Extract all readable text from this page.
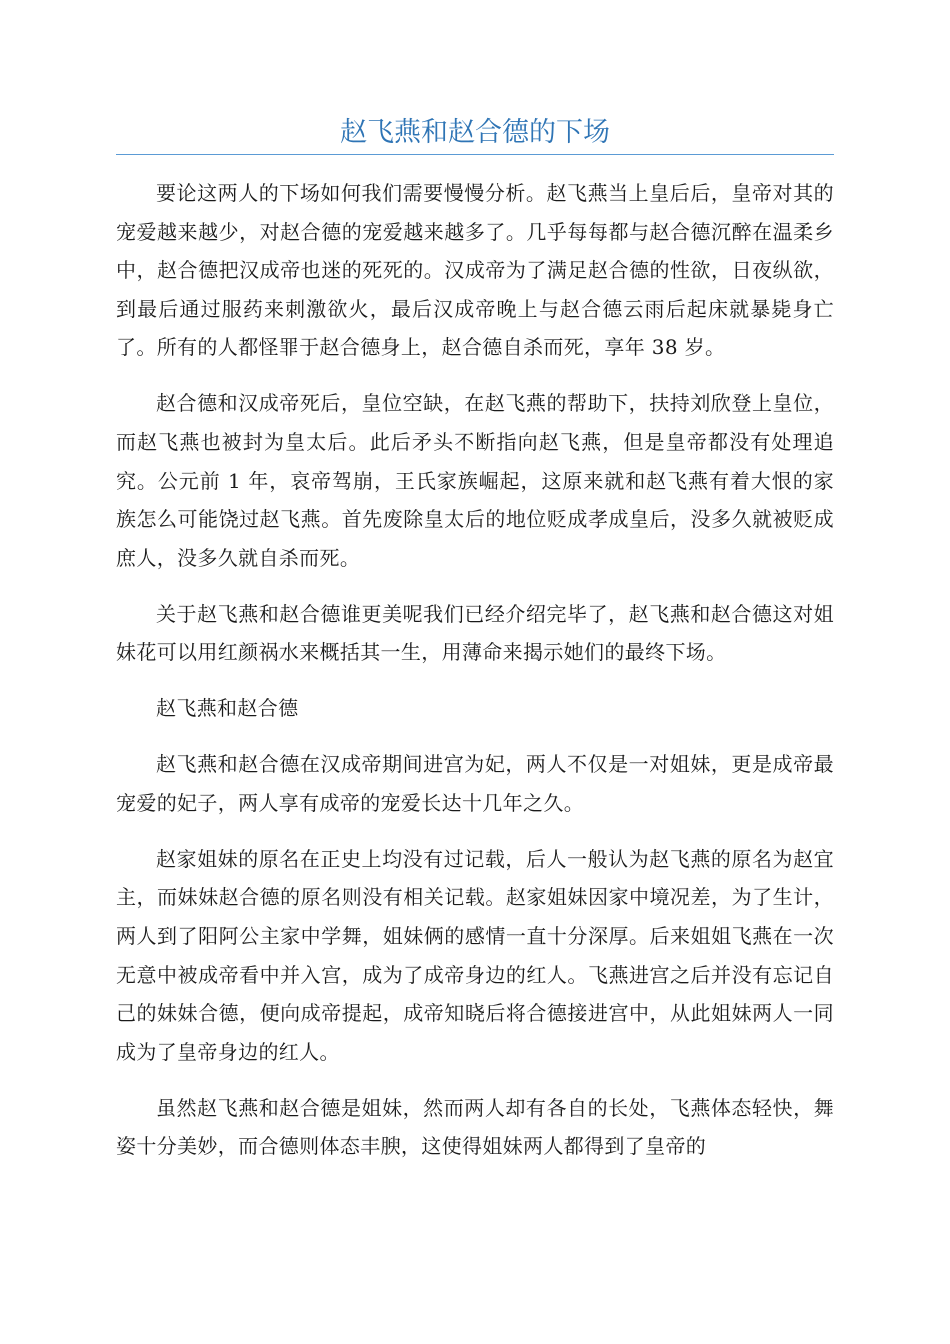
赵飞燕和赵合德的下场

要论这两人的下场如何我们需要慢慢分析。赵飞燕当上皇后后，皇帝对其的宠爱越来越少，对赵合德的宠爱越来越多了。几乎每每都与赵合德沉醉在温柔乡中，赵合德把汉成帝也迷的死死的。汉成帝为了满足赵合德的性欲，日夜纵欲，到最后通过服药来刺激欲火，最后汉成帝晚上与赵合德云雨后起床就暴毙身亡了。所有的人都怪罪于赵合德身上，赵合德自杀而死，享年 38 岁。

赵合德和汉成帝死后，皇位空缺，在赵飞燕的帮助下，扶持刘欣登上皇位，而赵飞燕也被封为皇太后。此后矛头不断指向赵飞燕，但是皇帝都没有处理追究。公元前 1 年，哀帝驾崩，王氏家族崛起，这原来就和赵飞燕有着大恨的家族怎么可能饶过赵飞燕。首先废除皇太后的地位贬成孝成皇后，没多久就被贬成庶人，没多久就自杀而死。

关于赵飞燕和赵合德谁更美呢我们已经介绍完毕了，赵飞燕和赵合德这对姐妹花可以用红颜祸水来概括其一生，用薄命来揭示她们的最终下场。

赵飞燕和赵合德

赵飞燕和赵合德在汉成帝期间进宫为妃，两人不仅是一对姐妹，更是成帝最宠爱的妃子，两人享有成帝的宠爱长达十几年之久。

赵家姐妹的原名在正史上均没有过记载，后人一般认为赵飞燕的原名为赵宜主，而妹妹赵合德的原名则没有相关记载。赵家姐妹因家中境况差，为了生计，两人到了阳阿公主家中学舞，姐妹俩的感情一直十分深厚。后来姐姐飞燕在一次无意中被成帝看中并入宫，成为了成帝身边的红人。飞燕进宫之后并没有忘记自己的妹妹合德，便向成帝提起，成帝知晓后将合德接进宫中，从此姐妹两人一同成为了皇帝身边的红人。

虽然赵飞燕和赵合德是姐妹，然而两人却有各自的长处，飞燕体态轻快，舞姿十分美妙，而合德则体态丰腴，这使得姐妹两人都得到了皇帝的
